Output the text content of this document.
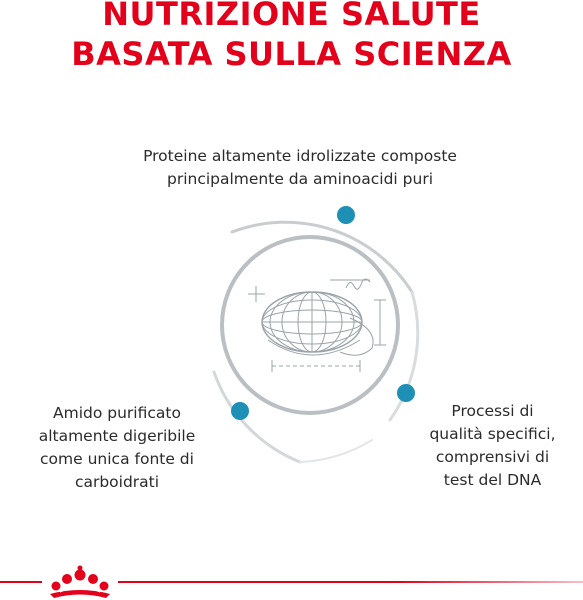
NUTRIZIONE SALUTE
BASATA SULLA SCIENZA
Proteine altamente idrolizzate composte
principalmente da aminoacidi puri
Amido purificato
altamente digeribile
come unica fonte di
carboidrati
Processi di
qualità specifici,
comprensivi di
test del DNA
